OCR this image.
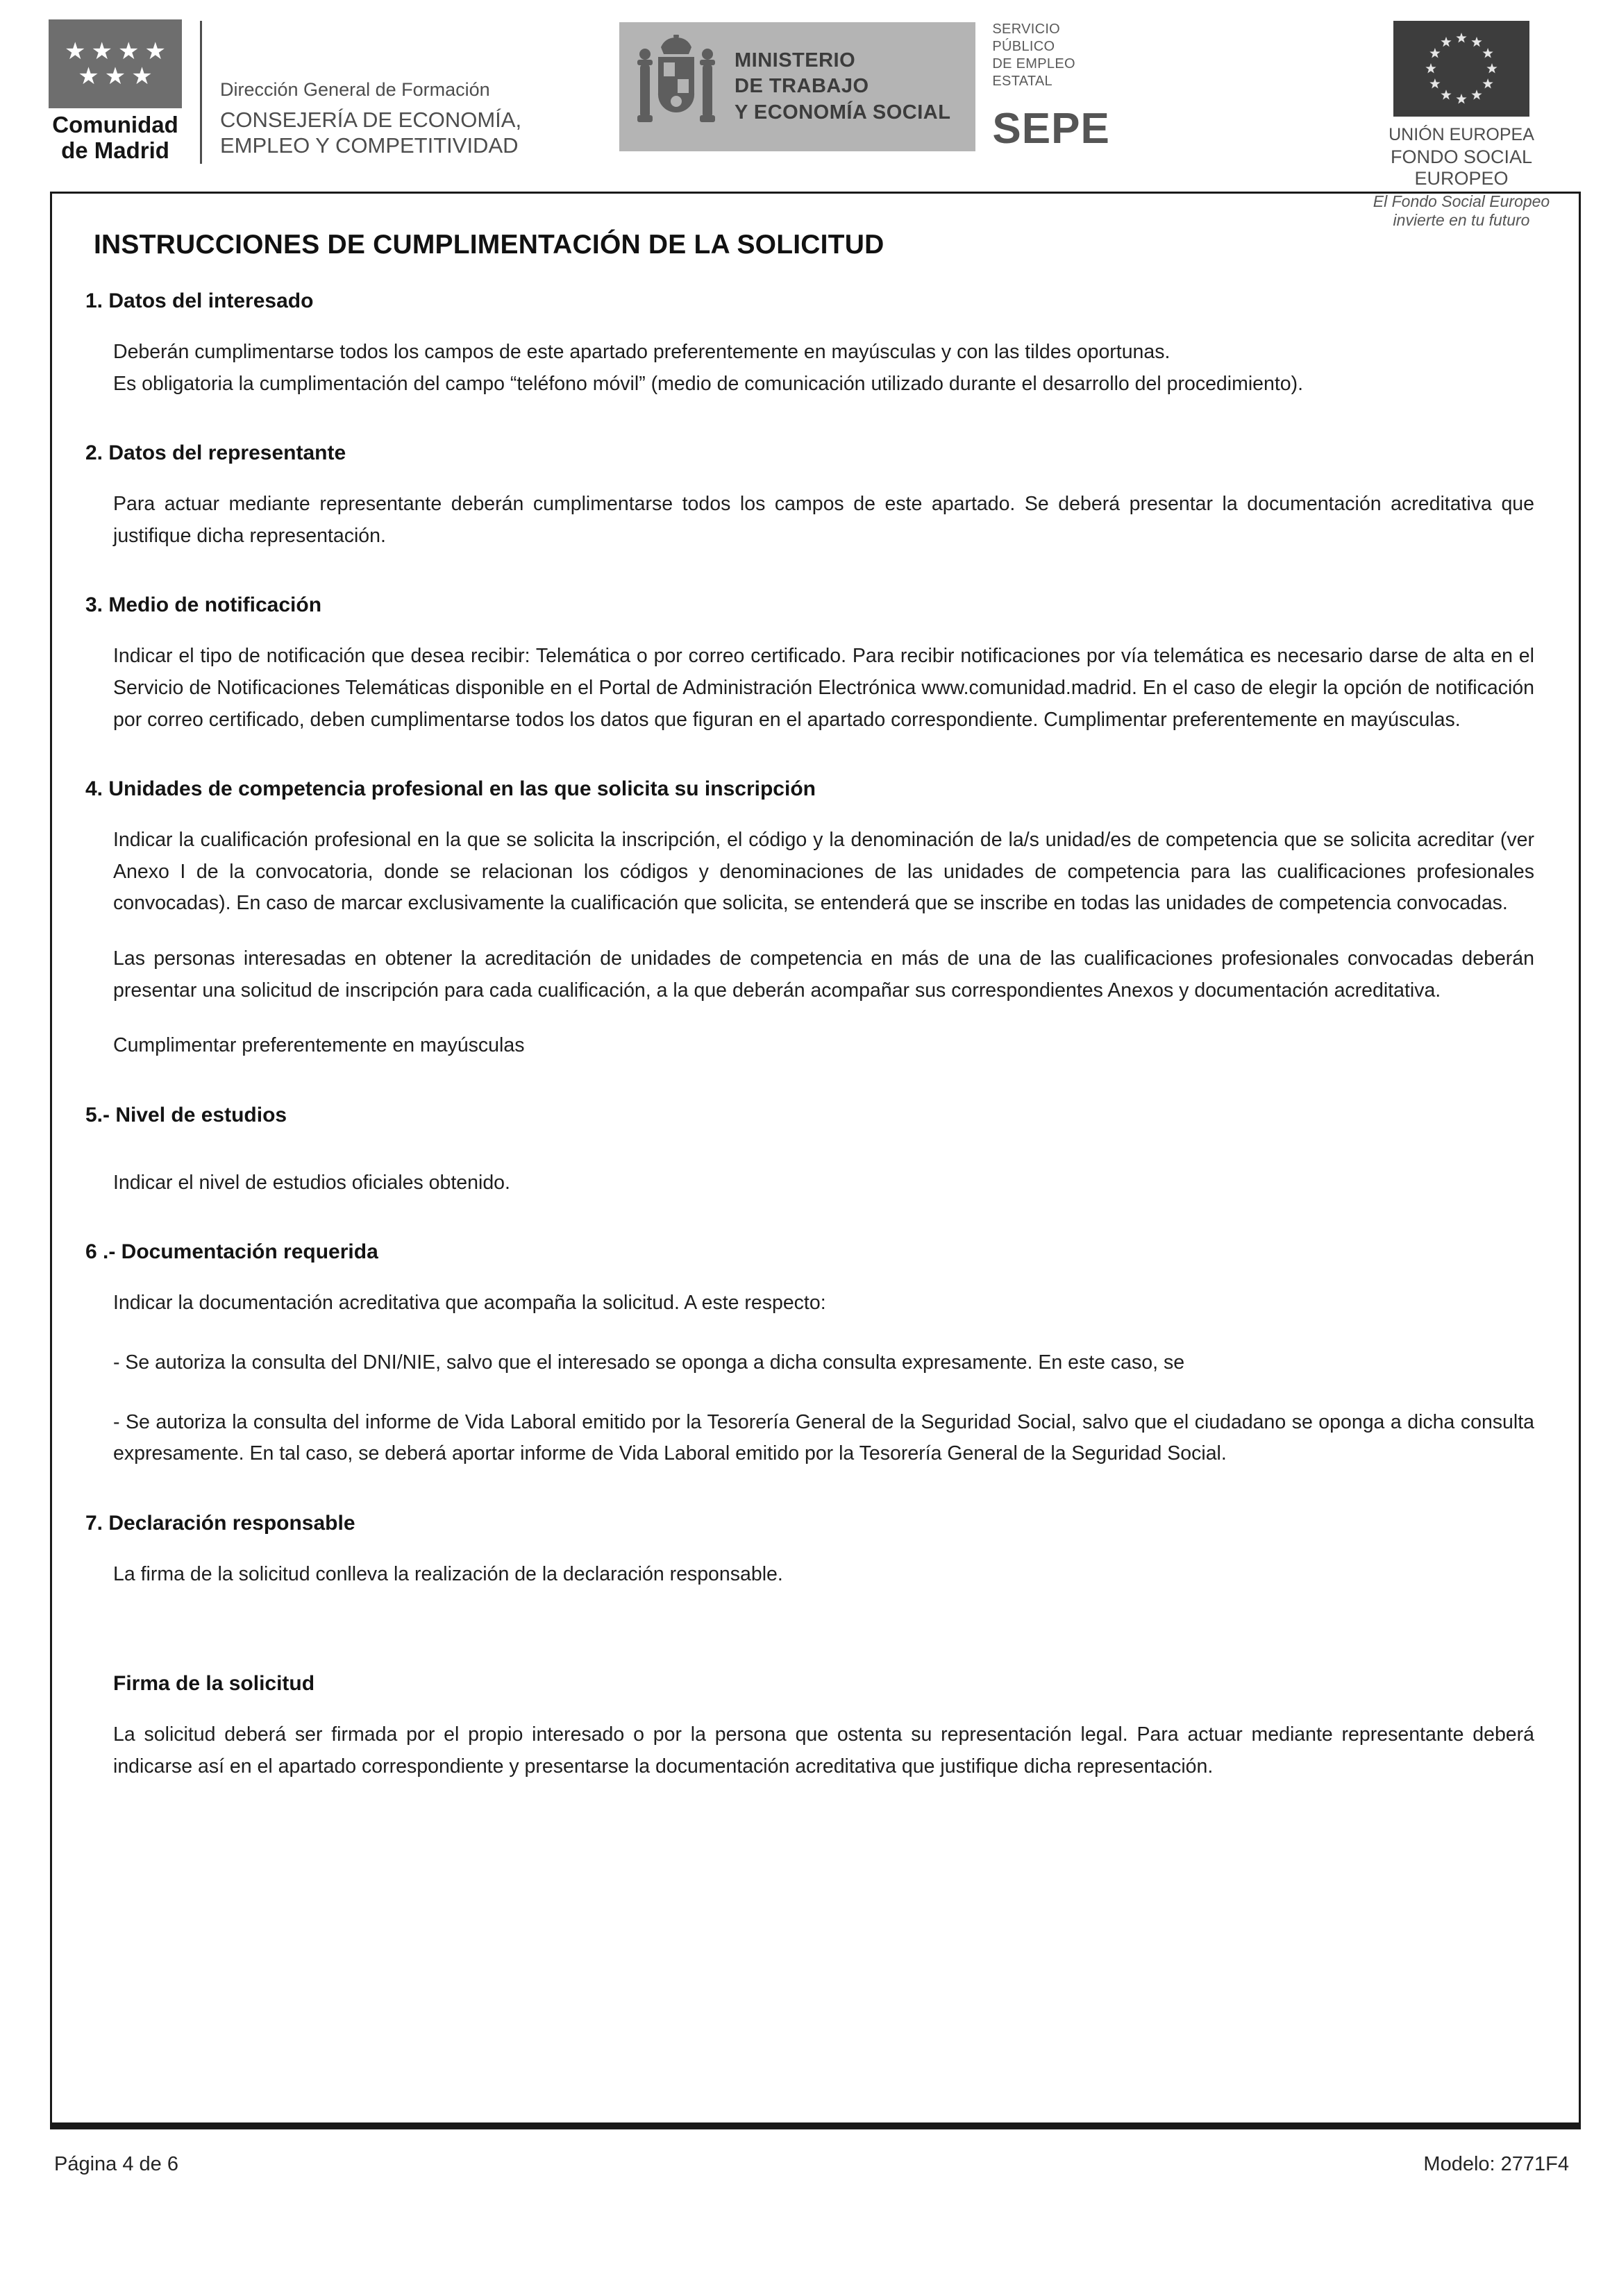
★★★★
★★★
Comunidad
de Madrid
Dirección General de Formación
CONSEJERÍA DE ECONOMÍA,
EMPLEO Y COMPETITIVIDAD
MINISTERIO
DE TRABAJO
Y ECONOMÍA SOCIAL
SERVICIO PÚBLICO
DE EMPLEO ESTATAL
SEPE	UNIÓN EUROPEA
FONDO SOCIAL EUROPEO
El Fondo Social Europeo invierte en tu futuro
INSTRUCCIONES DE CUMPLIMENTACIÓN DE LA SOLICITUD
1. Datos del interesado

Deberán cumplimentarse todos los campos de este apartado preferentemente en mayúsculas y con las tildes oportunas.

Es obligatoria la cumplimentación del campo “teléfono móvil” (medio de comunicación utilizado durante el desarrollo del procedimiento).

2. Datos del representante

Para actuar mediante representante deberán cumplimentarse todos los campos de este apartado. Se deberá presentar la documentación acreditativa que justifique dicha representación.

3. Medio de notificación

Indicar el tipo de notificación que desea recibir: Telemática o por correo certificado. Para recibir notificaciones por vía telemática es necesario darse de alta en el Servicio de Notificaciones Telemáticas disponible en el Portal de Administración Electrónica www.comunidad.madrid. En el caso de elegir la opción de notificación por correo certificado, deben cumplimentarse todos los datos que figuran en el apartado correspondiente. Cumplimentar preferentemente en mayúsculas.

4. Unidades de competencia profesional en las que solicita su inscripción

Indicar la cualificación profesional en la que se solicita la inscripción, el código y la denominación de la/s unidad/es de competencia que se solicita acreditar (ver Anexo I de la convocatoria, donde se relacionan los códigos y denominaciones de las unidades de competencia para las cualificaciones profesionales convocadas). En caso de marcar exclusivamente la cualificación que solicita, se entenderá que se inscribe en todas las unidades de competencia convocadas.

Las personas interesadas en obtener la acreditación de unidades de competencia en más de una de las cualificaciones profesionales convocadas deberán presentar una solicitud de inscripción para cada cualificación, a la que deberán acompañar sus correspondientes Anexos y documentación acreditativa.

Cumplimentar preferentemente en mayúsculas

5.- Nivel de estudios

Indicar el nivel de estudios oficiales obtenido.

6 .- Documentación requerida

Indicar la documentación acreditativa que acompaña la solicitud. A este respecto:

- Se autoriza la consulta del DNI/NIE, salvo que el interesado se oponga a dicha consulta expresamente. En este caso, se

- Se autoriza la consulta del informe de Vida Laboral emitido por la Tesorería General de la Seguridad Social, salvo que el ciudadano se oponga a dicha consulta expresamente. En tal caso, se deberá aportar informe de Vida Laboral emitido por la Tesorería General de la Seguridad Social.

7. Declaración responsable

La firma de la solicitud conlleva la realización de la declaración responsable.

Firma de la solicitud

La solicitud deberá ser firmada por el propio interesado o por la persona que ostenta su representación legal. Para actuar mediante representante deberá indicarse así en el apartado correspondiente y presentarse la documentación acreditativa que justifique dicha representación.

Página 4 de 6	Modelo: 2771F4
